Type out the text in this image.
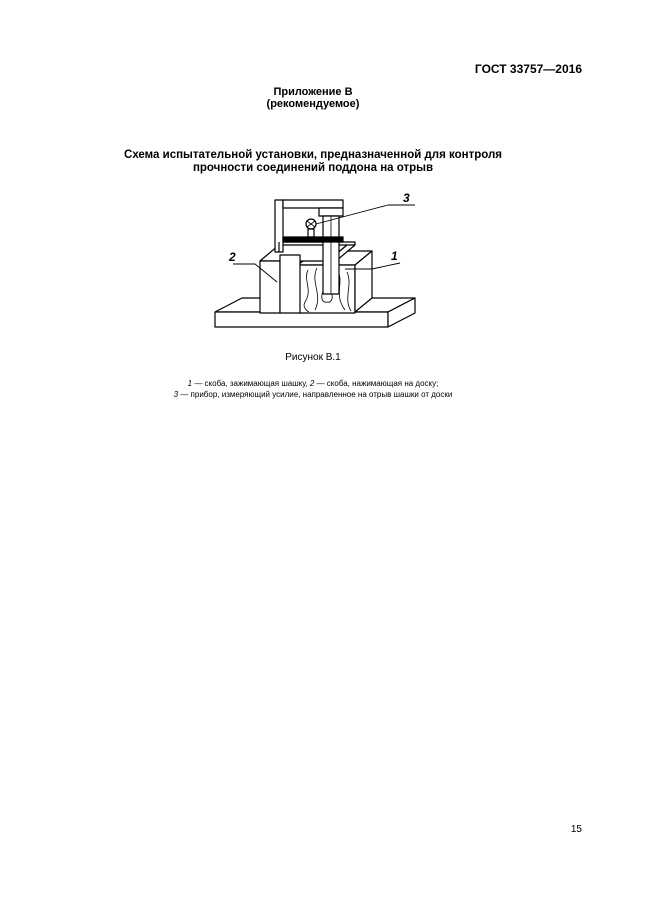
ГОСТ 33757—2016
Приложение В
(рекомендуемое)
Схема испытательной установки, предназначенной для контроля
прочности соединений поддона на отрыв
3
2	1
Рисунок В.1
1 — скоба, зажимающая шашку, 2 — скоба, нажимающая на доску;
3 — прибор, измеряющий усилие, направленное на отрыв шашки от доски
15
